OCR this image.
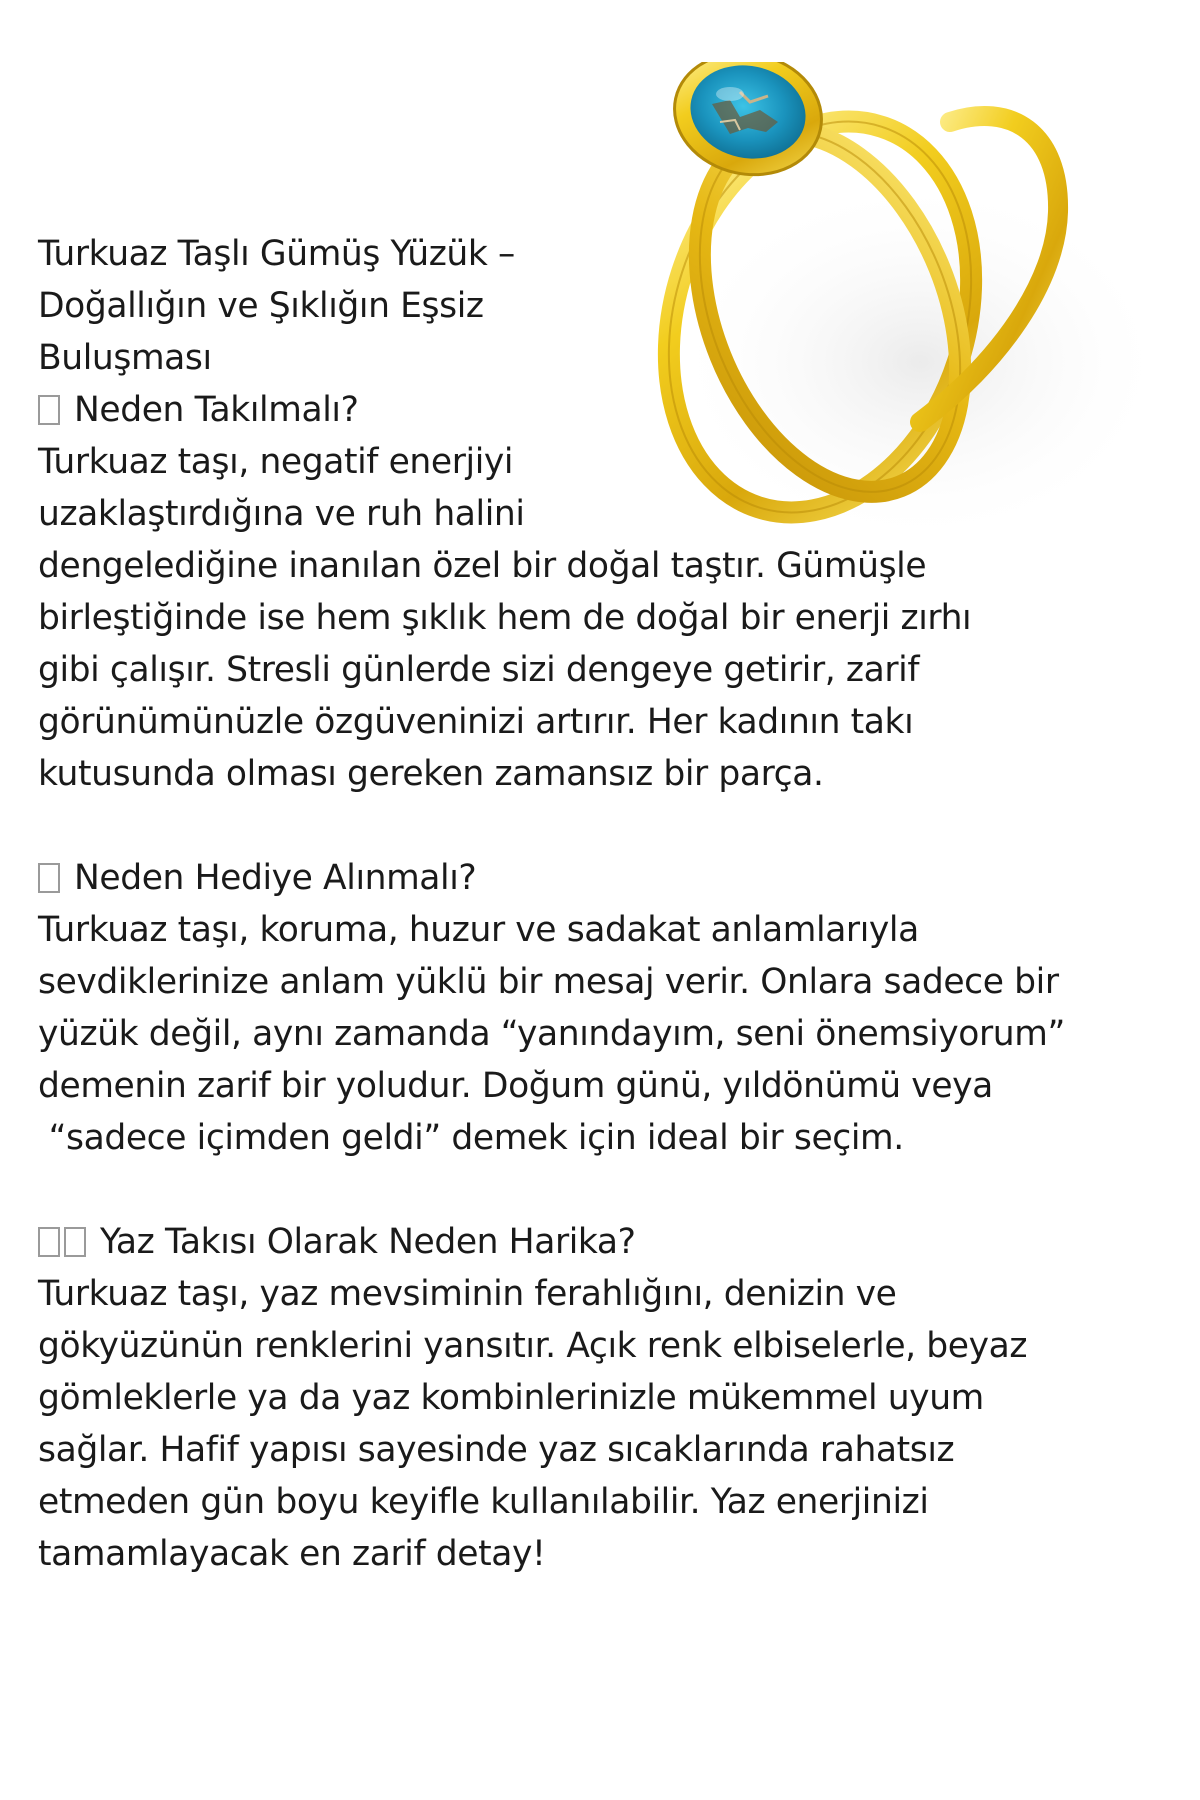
Turkuaz Taşlı Gümüş Yüzük –
Doğallığın ve Şıklığın Eşsiz
Buluşması
Neden Takılmalı?
Turkuaz taşı, negatif enerjiyi
uzaklaştırdığına ve ruh halini
dengelediğine inanılan özel bir doğal taştır. Gümüşle
birleştiğinde ise hem şıklık hem de doğal bir enerji zırhı
gibi çalışır. Stresli günlerde sizi dengeye getirir, zarif
görünümünüzle özgüveninizi artırır. Her kadının takı
kutusunda olması gereken zamansız bir parça.
Neden Hediye Alınmalı?
Turkuaz taşı, koruma, huzur ve sadakat anlamlarıyla
sevdiklerinize anlam yüklü bir mesaj verir. Onlara sadece bir
yüzük değil, aynı zamanda “yanındayım, seni önemsiyorum”
demenin zarif bir yoludur. Doğum günü, yıldönümü veya
“sadece içimden geldi” demek için ideal bir seçim.
Yaz Takısı Olarak Neden Harika?
Turkuaz taşı, yaz mevsiminin ferahlığını, denizin ve
gökyüzünün renklerini yansıtır. Açık renk elbiselerle, beyaz
gömleklerle ya da yaz kombinlerinizle mükemmel uyum
sağlar. Hafif yapısı sayesinde yaz sıcaklarında rahatsız
etmeden gün boyu keyifle kullanılabilir. Yaz enerjinizi
tamamlayacak en zarif detay!
